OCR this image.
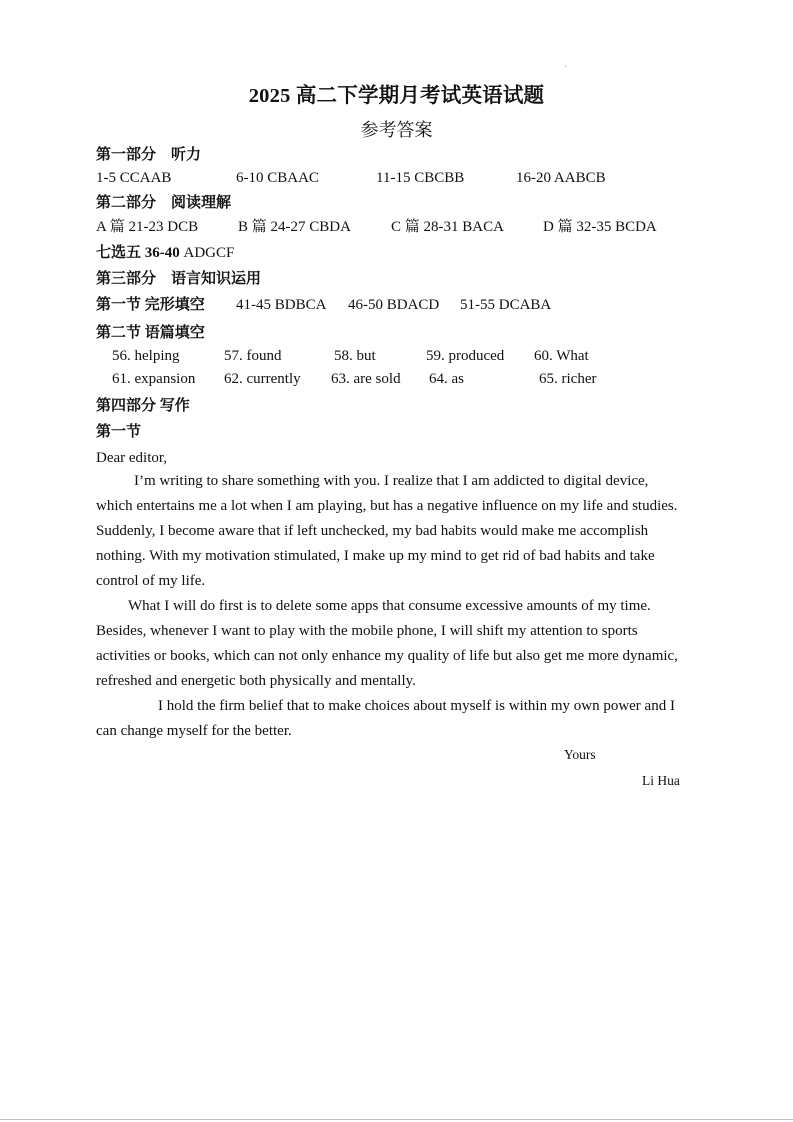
·
2025 高二下学期月考试英语试题
参考答案
第一部分　听力
1-5 CCAAB	6-10 CBAAC	11-15 CBCBB	16-20 AABCB
第二部分　阅读理解
A 篇 21-23 DCB	B 篇 24-27 CBDA	C 篇 28-31 BACA	D 篇 32-35 BCDA
七选五 36-40 ADGCF
第三部分　语言知识运用
第一节 完形填空 41-45 BDBCA 46-50 BDACD 51-55 DCABA
第二节 语篇填空
56. helping	57. found	58. but	59. produced 60. What
61. expansion 62. currently 63. are sold 64. as	65. richer
第四部分 写作
第一节
Dear editor,
I’m writing to share something with you. I realize that I am addicted to digital device, which entertains me a lot when I am playing, but has a negative influence on my life and studies. Suddenly, I become aware that if left unchecked, my bad habits would make me accomplish nothing. With my motivation stimulated, I make up my mind to get rid of bad habits and take control of my life.
What I will do first is to delete some apps that consume excessive amounts of my time. Besides, whenever I want to play with the mobile phone, I will shift my attention to sports activities or books, which can not only enhance my quality of life but also get me more dynamic, refreshed and energetic both physically and mentally.
I hold the firm belief that to make choices about myself is within my own power and I can change myself for the better.
Yours
Li Hua
